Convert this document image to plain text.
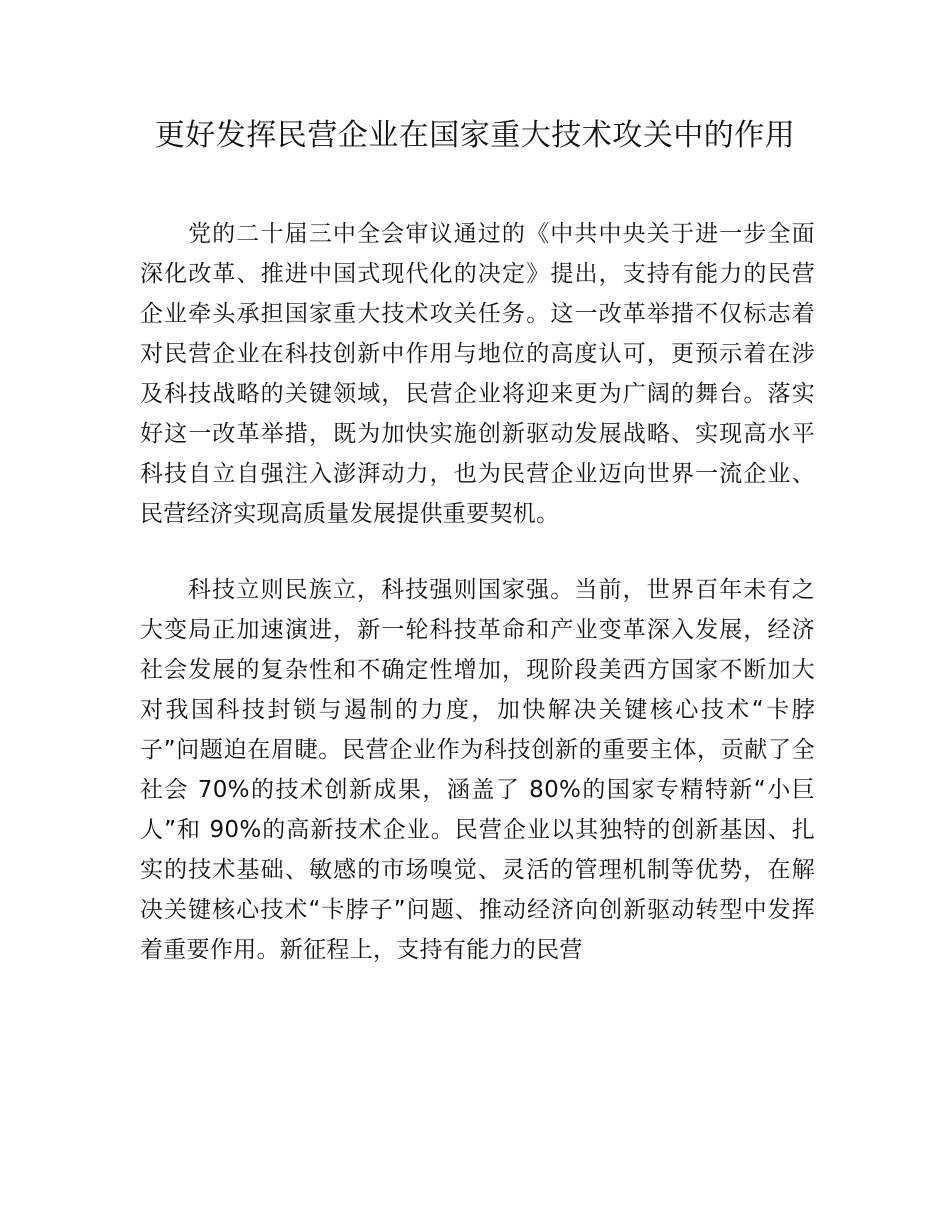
更好发挥民营企业在国家重大技术攻关中的作用

党的二十届三中全会审议通过的《中共中央关于进一步全面深化改革、推进中国式现代化的决定》提出，支持有能力的民营企业牵头承担国家重大技术攻关任务。这一改革举措不仅标志着对民营企业在科技创新中作用与地位的高度认可，更预示着在涉及科技战略的关键领域，民营企业将迎来更为广阔的舞台。落实好这一改革举措，既为加快实施创新驱动发展战略、实现高水平科技自立自强注入澎湃动力，也为民营企业迈向世界一流企业、民营经济实现高质量发展提供重要契机。

科技立则民族立，科技强则国家强。当前，世界百年未有之大变局正加速演进，新一轮科技革命和产业变革深入发展，经济社会发展的复杂性和不确定性增加，现阶段美西方国家不断加大对我国科技封锁与遏制的力度，加快解决关键核心技术“卡脖子”问题迫在眉睫。民营企业作为科技创新的重要主体，贡献了全社会 70%的技术创新成果，涵盖了 80%的国家专精特新“小巨人”和 90%的高新技术企业。民营企业以其独特的创新基因、扎实的技术基础、敏感的市场嗅觉、灵活的管理机制等优势，在解决关键核心技术“卡脖子”问题、推动经济向创新驱动转型中发挥着重要作用。新征程上，支持有能力的民营
